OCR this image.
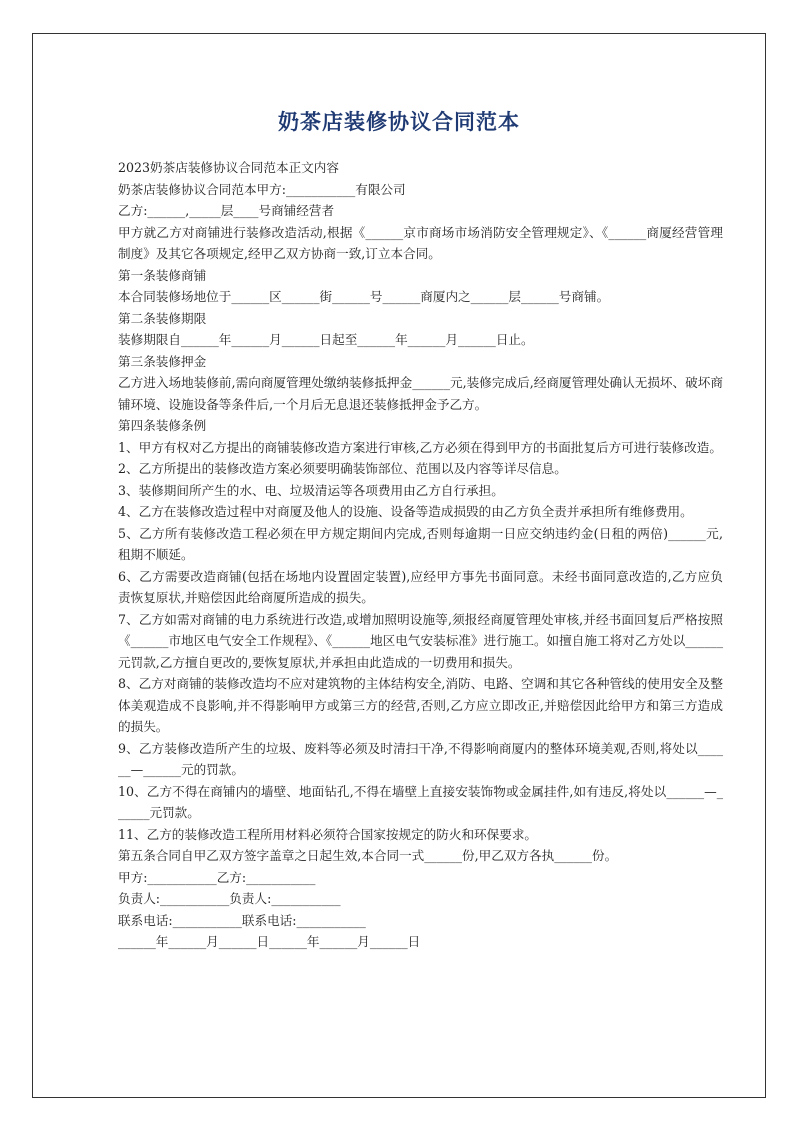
奶茶店装修协议合同范本

2023奶茶店装修协议合同范本正文内容

奶茶店装修协议合同范本甲方:___________有限公司

乙方:______,_____层____号商铺经营者

甲方就乙方对商铺进行装修改造活动,根据《______京市商场市场消防安全管理规定》、《______商厦经营管理制度》及其它各项规定,经甲乙双方协商一致,订立本合同。

第一条装修商铺

本合同装修场地位于______区______街______号______商厦内之______层______号商铺。

第二条装修期限

装修期限自______年______月______日起至______年______月______日止。

第三条装修押金

乙方进入场地装修前,需向商厦管理处缴纳装修抵押金______元,装修完成后,经商厦管理处确认无损坏、破坏商铺环境、设施设备等条件后,一个月后无息退还装修抵押金予乙方。

第四条装修条例

1、甲方有权对乙方提出的商铺装修改造方案进行审核,乙方必须在得到甲方的书面批复后方可进行装修改造。

2、乙方所提出的装修改造方案必须要明确装饰部位、范围以及内容等详尽信息。

3、装修期间所产生的水、电、垃圾清运等各项费用由乙方自行承担。

4、乙方在装修改造过程中对商厦及他人的设施、设备等造成损毁的由乙方负全责并承担所有维修费用。

5、乙方所有装修改造工程必须在甲方规定期间内完成,否则每逾期一日应交纳违约金(日租的两倍)______元,租期不顺延。

6、乙方需要改造商铺(包括在场地内设置固定装置),应经甲方事先书面同意。未经书面同意改造的,乙方应负责恢复原状,并赔偿因此给商厦所造成的损失。

7、乙方如需对商铺的电力系统进行改造,或增加照明设施等,须报经商厦管理处审核,并经书面回复后严格按照《______市地区电气安全工作规程》、《______地区电气安装标准》进行施工。如擅自施工将对乙方处以______元罚款,乙方擅自更改的,要恢复原状,并承担由此造成的一切费用和损失。

8、乙方对商铺的装修改造均不应对建筑物的主体结构安全,消防、电路、空调和其它各种管线的使用安全及整体美观造成不良影响,并不得影响甲方或第三方的经营,否则,乙方应立即改正,并赔偿因此给甲方和第三方造成的损失。

9、乙方装修改造所产生的垃圾、废料等必须及时清扫干净,不得影响商厦内的整体环境美观,否则,将处以______—______元的罚款。

10、乙方不得在商铺内的墙壁、地面钻孔,不得在墙壁上直接安装饰物或金属挂件,如有违反,将处以______—______元罚款。

11、乙方的装修改造工程所用材料必须符合国家按规定的防火和环保要求。

第五条合同自甲乙双方签字盖章之日起生效,本合同一式______份,甲乙双方各执______份。

甲方:___________乙方:___________

负责人:___________负责人:___________

联系电话:___________联系电话:___________

______年______月______日______年______月______日
